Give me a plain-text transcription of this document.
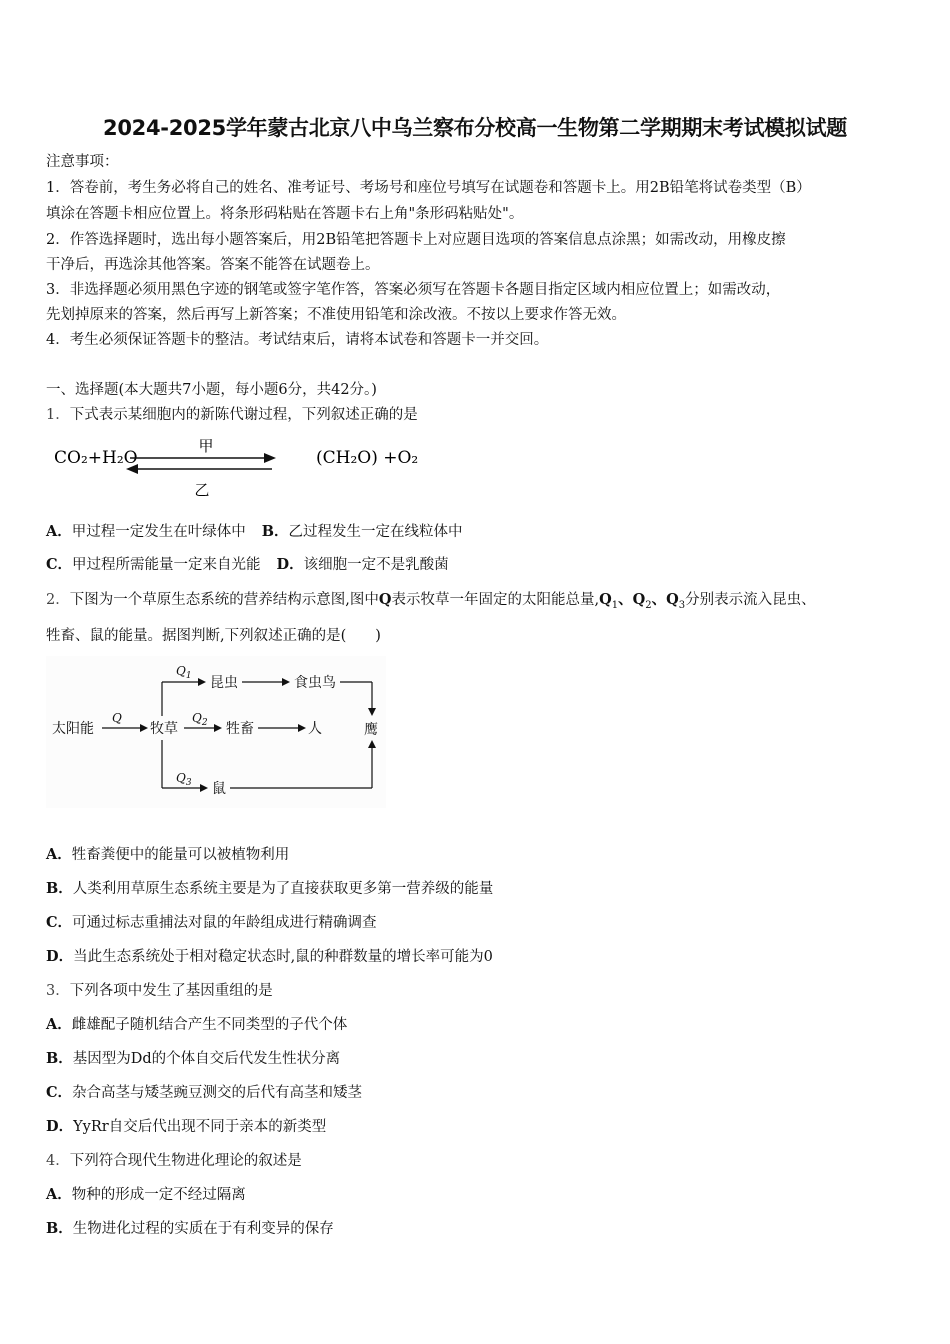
2024-2025学年蒙古北京八中乌兰察布分校高一生物第二学期期末考试模拟试题
注意事项：
1．答卷前，考生务必将自己的姓名、准考证号、考场号和座位号填写在试题卷和答题卡上。用2B铅笔将试卷类型（B）
填涂在答题卡相应位置上。将条形码粘贴在答题卡右上角"条形码粘贴处"。
2．作答选择题时，选出每小题答案后，用2B铅笔把答题卡上对应题目选项的答案信息点涂黑；如需改动，用橡皮擦
干净后，再选涂其他答案。答案不能答在试题卷上。
3．非选择题必须用黑色字迹的钢笔或签字笔作答，答案必须写在答题卡各题目指定区域内相应位置上；如需改动，
先划掉原来的答案，然后再写上新答案；不准使用铅笔和涂改液。不按以上要求作答无效。
4．考生必须保证答题卡的整洁。考试结束后，请将本试卷和答题卡一并交回。
一、选择题(本大题共7小题，每小题6分，共42分。)
1．下式表示某细胞内的新陈代谢过程，下列叙述正确的是
CO₂+H₂O
甲
乙
(CH₂O) +O₂
A．甲过程一定发生在叶绿体中 B．乙过程发生一定在线粒体中
C．甲过程所需能量一定来自光能 D．该细胞一定不是乳酸菌
2．下图为一个草原生态系统的营养结构示意图,图中Q表示牧草一年固定的太阳能总量$,Q_1$、$Q_2$、$Q_3$分别表示流入昆虫、
牲畜、鼠的能量。据图判断,下列叙述正确的是(　　)
太阳能
Q
牧草
$Q_1$ 昆虫	食虫鸟
$Q_2$ 牲畜	人	鹰
$Q_3$ 鼠
A．牲畜粪便中的能量可以被植物利用
B．人类利用草原生态系统主要是为了直接获取更多第一营养级的能量
C．可通过标志重捕法对鼠的年龄组成进行精确调查
D．当此生态系统处于相对稳定状态时,鼠的种群数量的增长率可能为0
3．下列各项中发生了基因重组的是
A．雌雄配子随机结合产生不同类型的子代个体
B．基因型为Dd的个体自交后代发生性状分离
C．杂合高茎与矮茎豌豆测交的后代有高茎和矮茎
D．YyRr自交后代出现不同于亲本的新类型
4．下列符合现代生物进化理论的叙述是
A．物种的形成一定不经过隔离
B．生物进化过程的实质在于有利变异的保存
